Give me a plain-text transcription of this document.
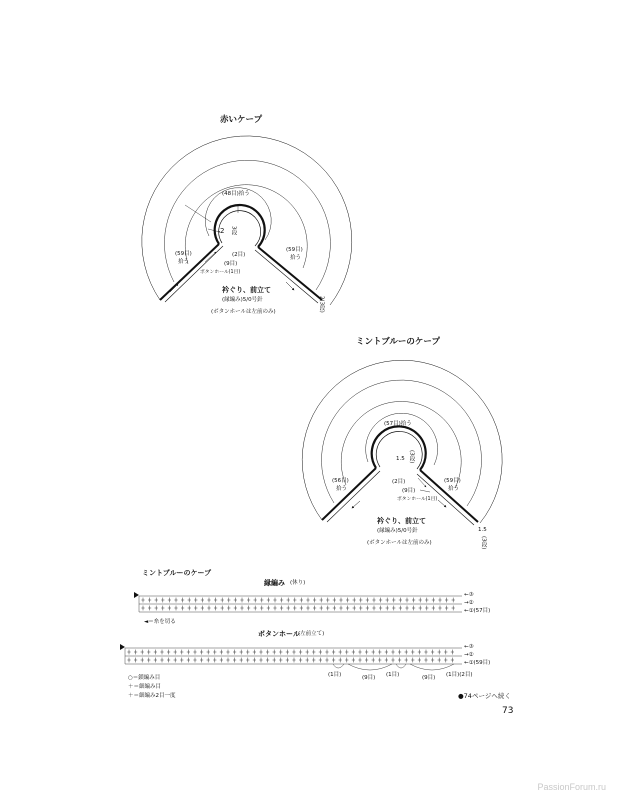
赤いケープ
(48目)拾う
2 3段
(2目)
(9目)
(59目)
拾う
(59目)
拾う
ボタンホール(1目)
衿ぐり、前立て
(縁編み)5/0号針
(ボタンホールは左前のみ)	2(3段)
ミントブルーのケープ
(57目)拾う
1.5 (3段)
(2目)
(9目)
ボタンホール(1目)
(56目)
拾う
(59目)
拾う
衿ぐり、前立て
(縁編み)5/0号針
(ボタンホールは左前のみ)
1.5
(3段)
ミントブルーのケープ
縁編み (休り)
←③
→②
←①(57目)
◄＝糸を切る
ボタンホール
(左前立て)
←③
→②
←①(59目)
(1目)	(9目) (1目)	(9目) (1目)(2目)
○＝鎖編み目
＋＝細編み目
＋＝細編み2目一度	●74ページへ続く
73
PassionForum.ru
